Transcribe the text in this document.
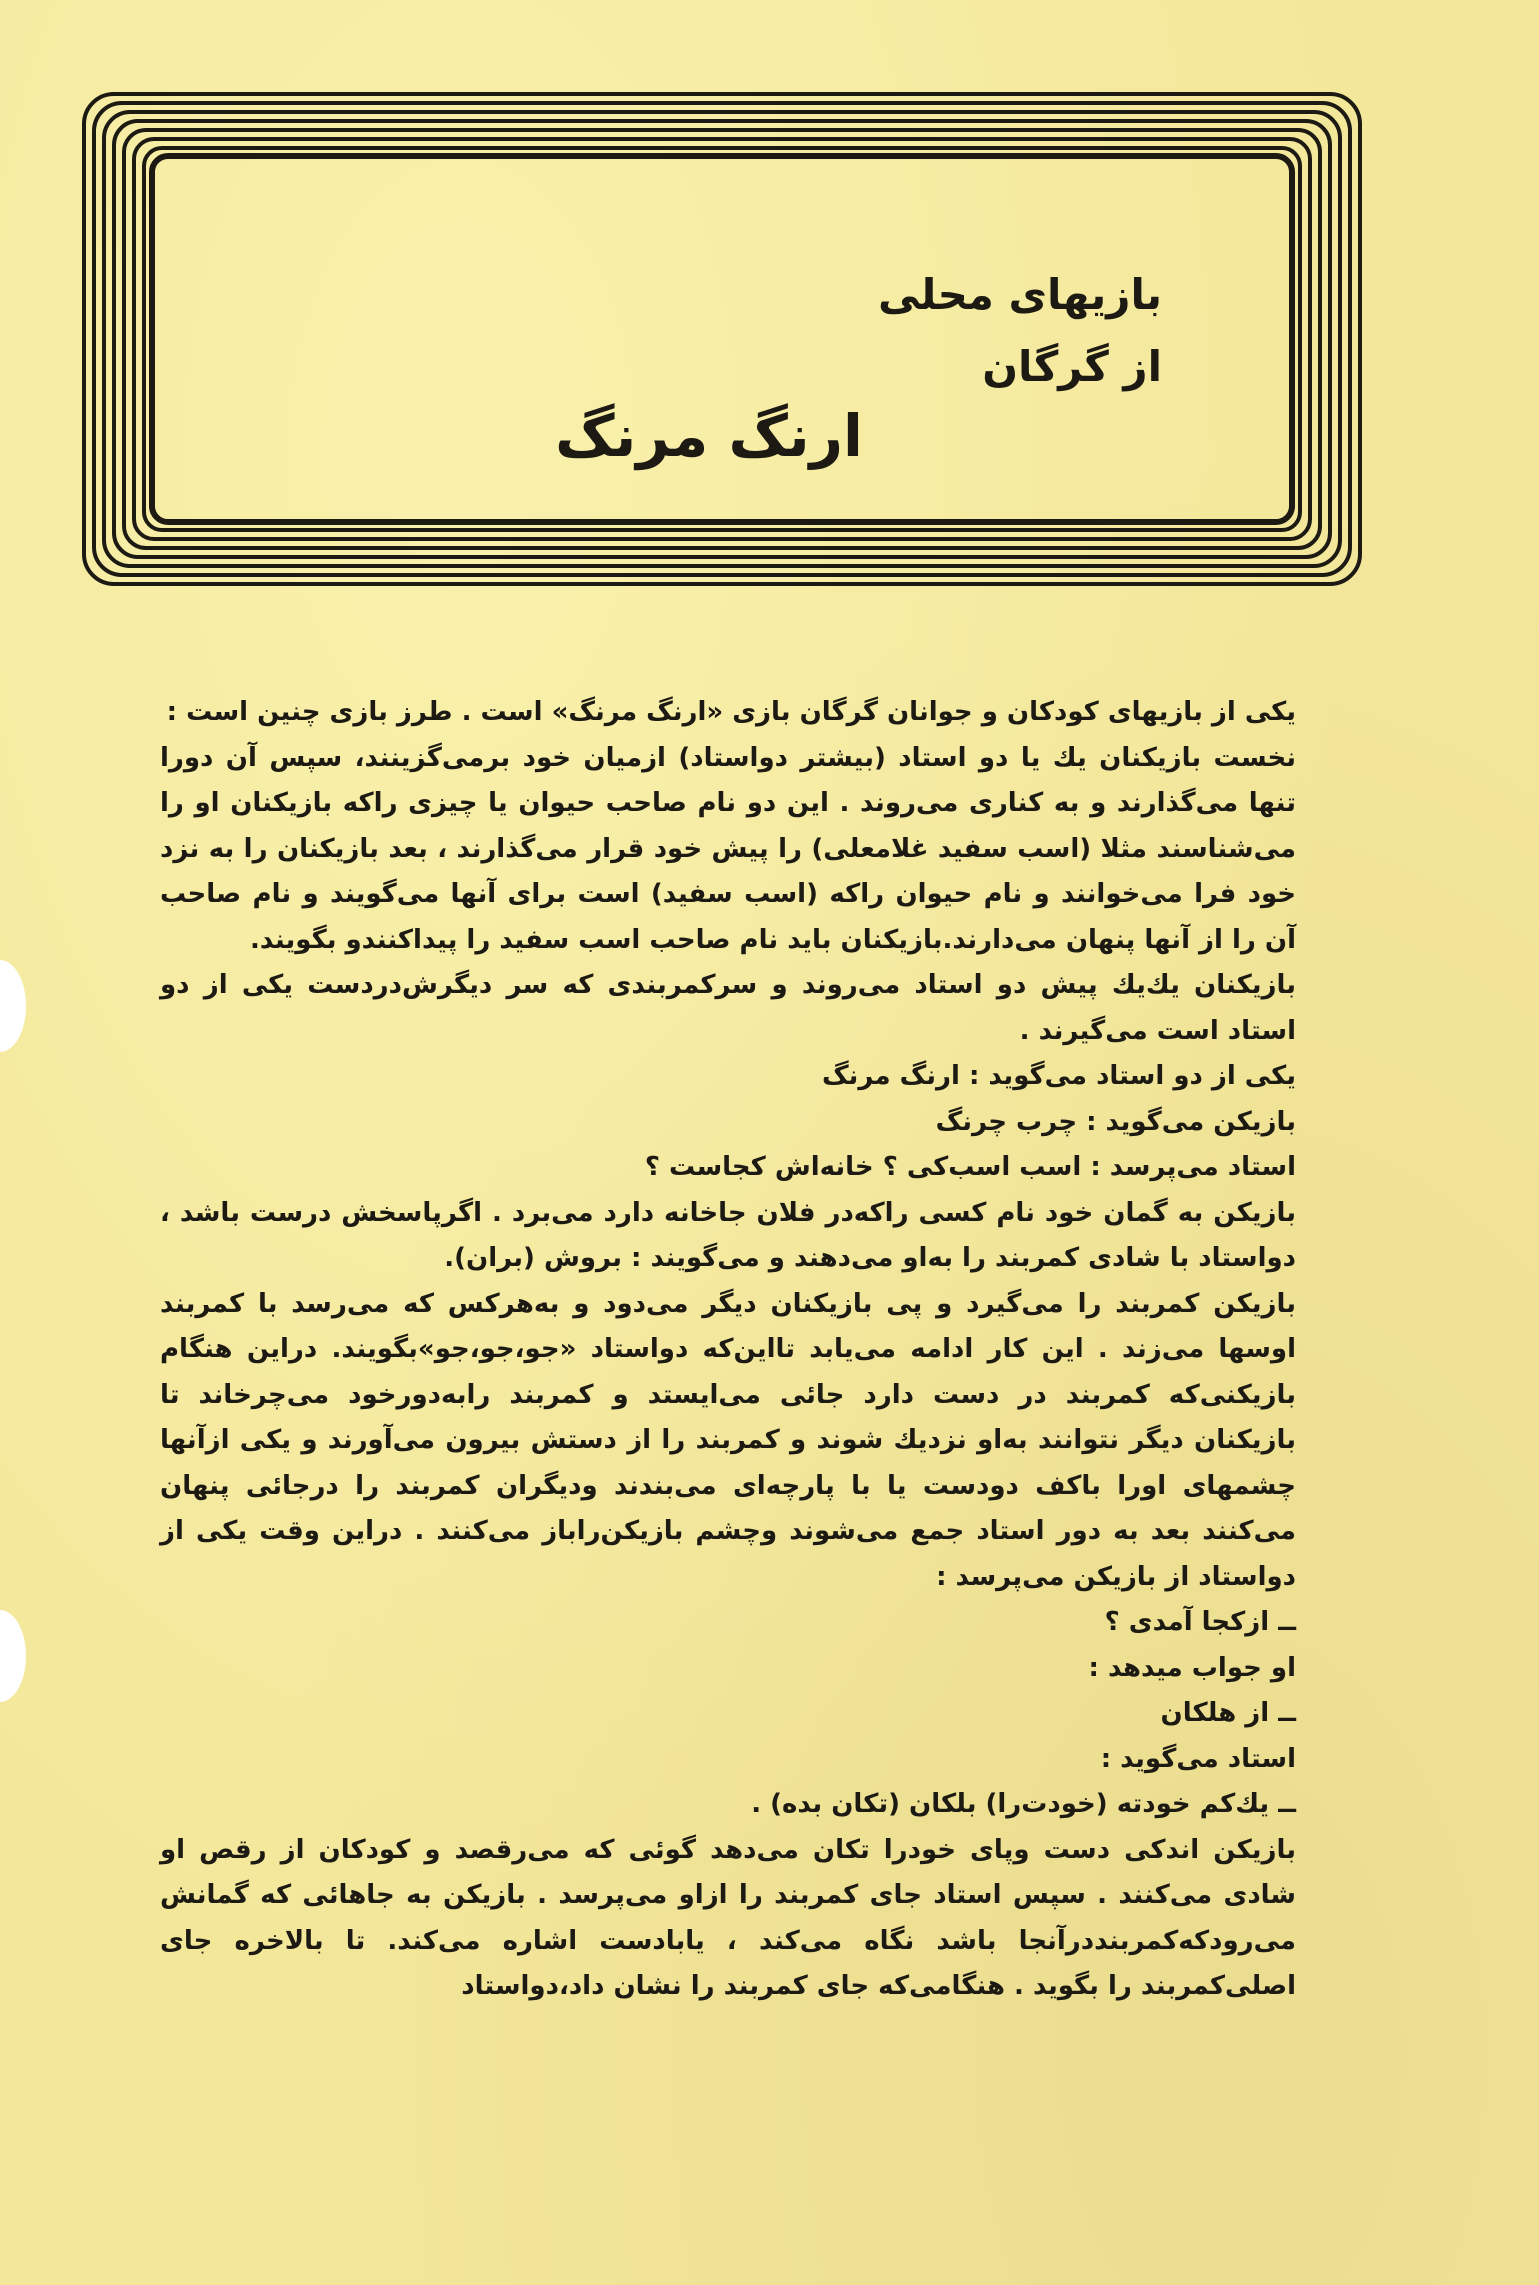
بازیهای محلی
از گرگان
ارنگ مرنگ

یکی از بازیهای کودکان و جوانان گرگان بازی «ارنگ مرنگ» است . طرز بازی چنین است :

نخست بازیکنان یك یا دو استاد (بیشتر دواستاد) ازمیان خود برمی‌گزینند، سپس آن دورا تنها می‌گذارند و به کناری می‌روند . این دو نام صاحب حیوان یا چیزی راکه بازیکنان او را می‌شناسند مثلا (اسب سفید غلامعلی) را پیش خود قرار می‌گذارند ، بعد بازیکنان را به نزد خود فرا می‌خوانند و نام حیوان راکه (اسب سفید) است برای آنها می‌گویند و نام صاحب آن را از آنها پنهان می‌دارند.بازیکنان باید نام صاحب اسب سفید را پیداکنندو بگویند.

بازیکنان یك‌یك پیش دو استاد می‌روند و سرکمربندی که سر دیگرش‌دردست یکی از دو استاد است می‌گیرند .

یکی از دو استاد می‌گوید : ارنگ مرنگ

بازیکن می‌گوید : چرب چرنگ

استاد می‌پرسد : اسب اسب‌کی ؟ خانه‌اش کجاست ؟

بازیکن به گمان خود نام کسی راکه‌در فلان جاخانه دارد می‌برد . اگرپاسخش درست باشد ، دواستاد با شادی کمربند را به‌او می‌دهند و می‌گویند : بروش (بران).

بازیکن کمربند را می‌گیرد و پی بازیکنان دیگر می‌دود و به‌هرکس که می‌رسد با کمربند اوسها می‌زند . این کار ادامه می‌یابد تااین‌که دواستاد «جو،جو،جو»بگویند. دراین هنگام بازیکنی‌که کمربند در دست دارد جائی می‌ایستد و کمربند رابه‌دورخود می‌چرخاند تا بازیکنان دیگر نتوانند به‌او نزدیك شوند و کمربند را از دستش بیرون می‌آورند و یکی ازآنها چشمهای اورا باکف دودست یا با پارچه‌ای می‌بندند ودیگران کمربند را درجائی پنهان می‌کنند بعد به دور استاد جمع می‌شوند وچشم بازیکن‌راباز می‌کنند . دراین وقت یکی از دواستاد از بازیکن می‌پرسد :

ــ ازکجا آمدی ؟

او جواب میدهد :

ــ از هلکان

استاد می‌گوید :

ــ یك‌کم خودته (خودت‌را) بلکان (تکان بده) .

بازیکن اندکی دست وپای خودرا تکان می‌دهد گوئی که می‌رقصد و کودکان از رقص او شادی می‌کنند . سپس استاد جای کمربند را ازاو می‌پرسد . بازیکن به جاهائی که گمانش می‌رودکه‌کمربنددرآنجا باشد نگاه می‌کند ، یابادست اشاره می‌کند. تا بالاخره جای اصلی‌کمربند را بگوید . هنگامی‌که جای کمربند را نشان داد،دواستاد
